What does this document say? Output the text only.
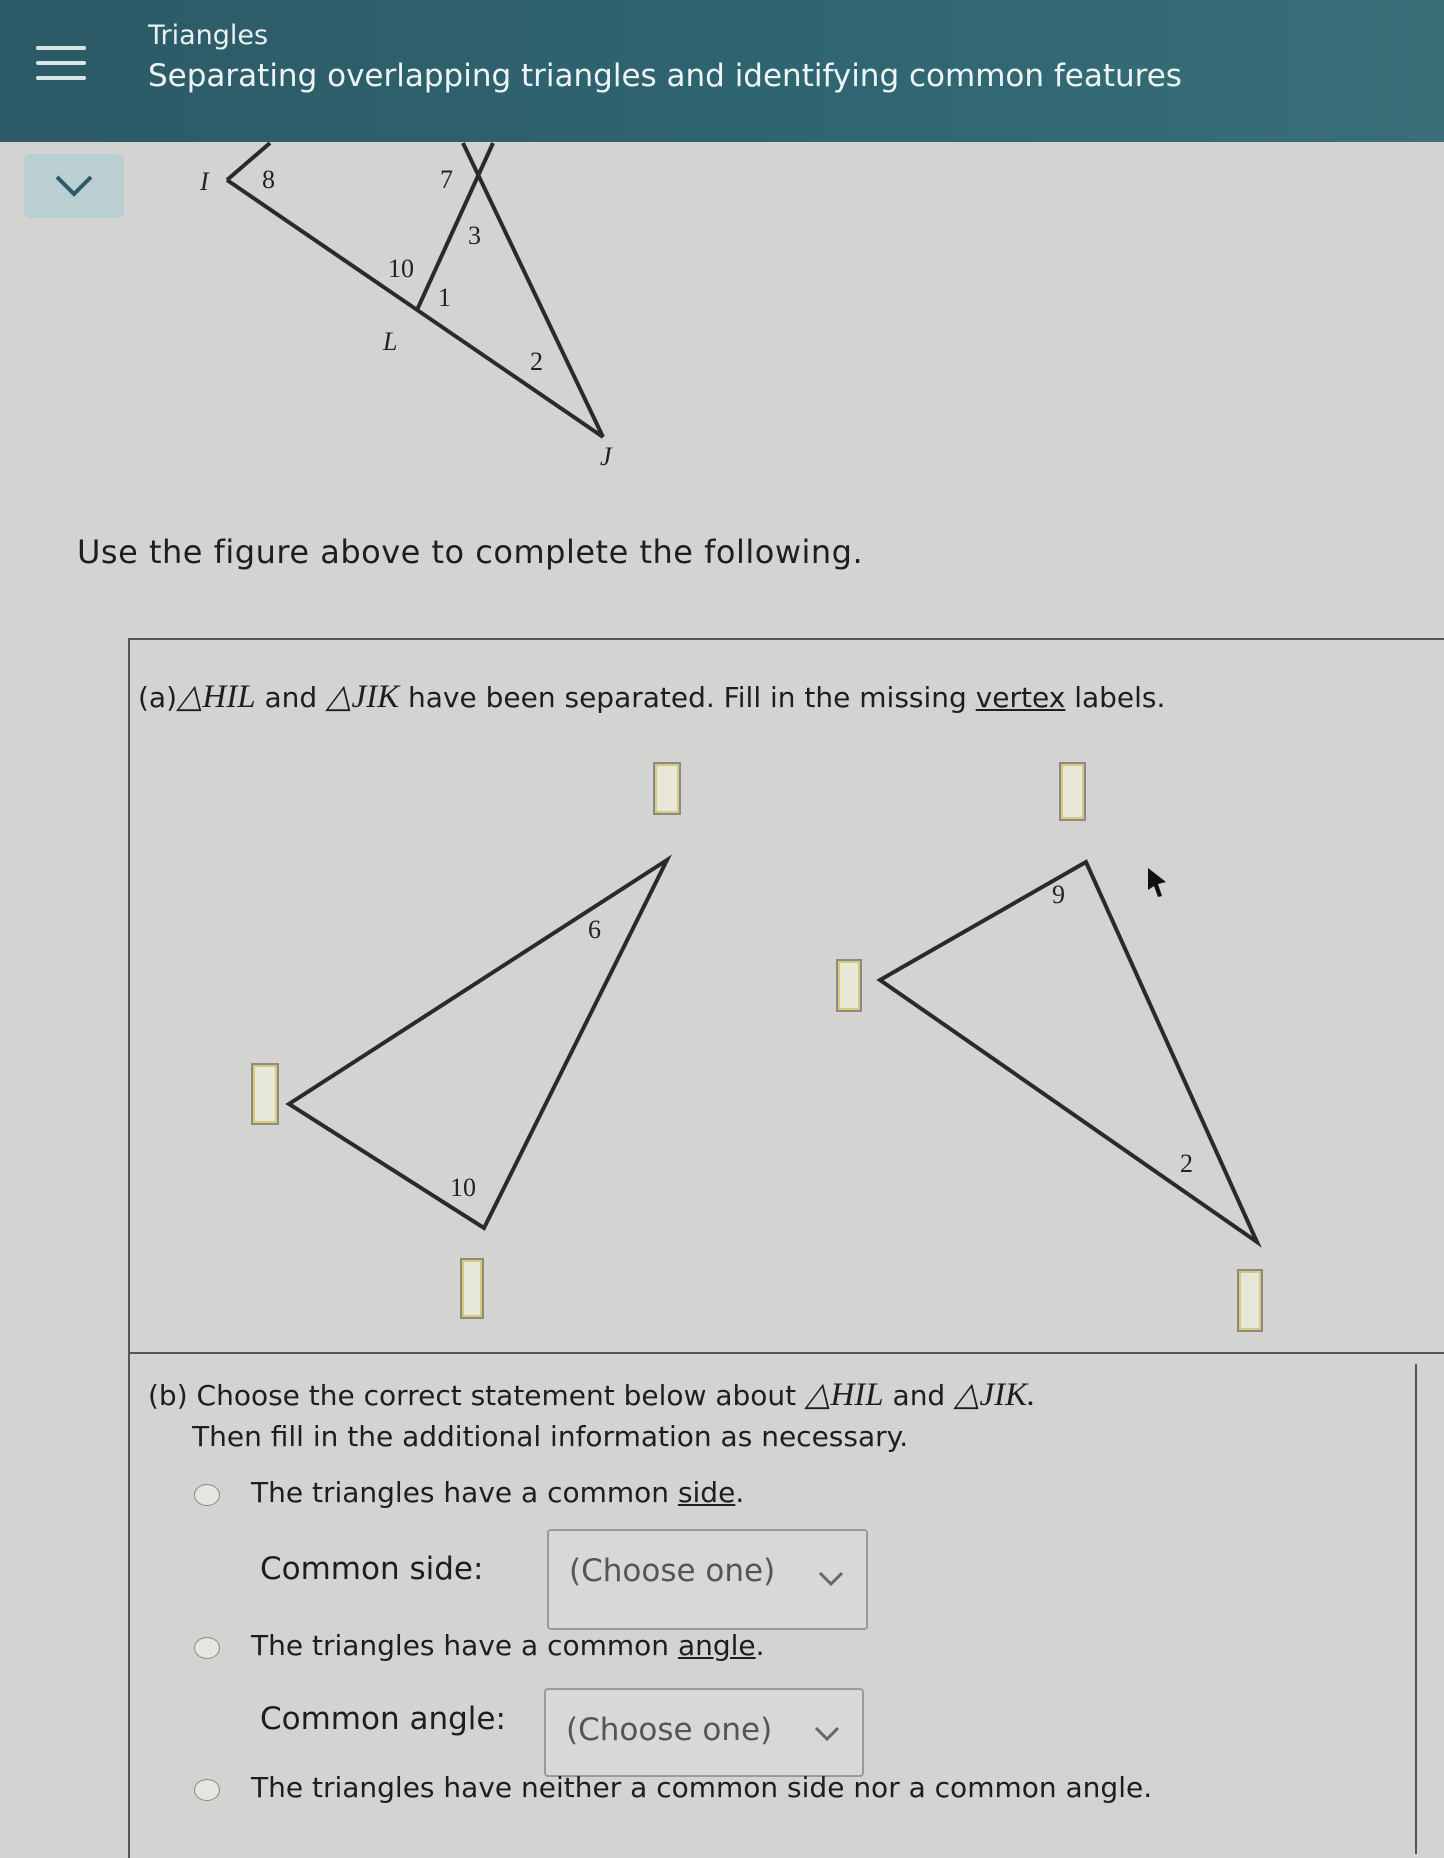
Triangles
Separating overlapping triangles and identifying common features
I 8	7
3
10
1
L
2
J
Use the figure above to complete the following.
(a)△HIL and △JIK have been separated. Fill in the missing vertex labels.
6
10
9
2
(b) Choose the correct statement below about △HIL and △JIK.
Then fill in the additional information as necessary.
The triangles have a common side.
Common side:	(Choose one)
The triangles have a common angle.
Common angle:	(Choose one)
The triangles have neither a common side nor a common angle.
